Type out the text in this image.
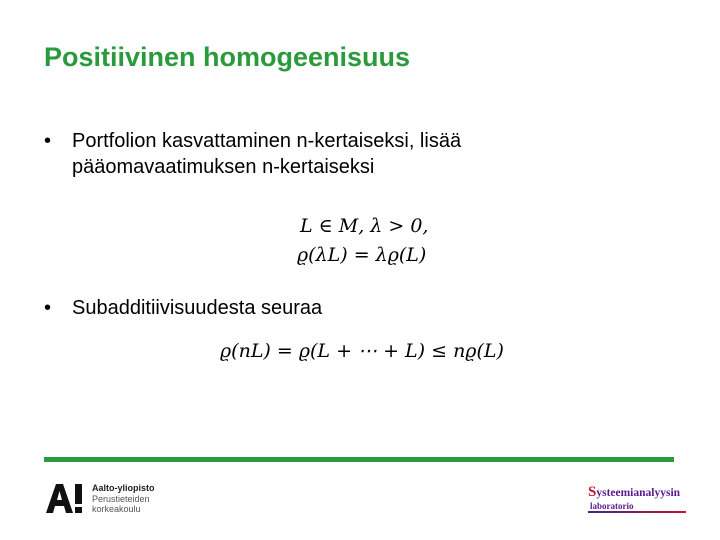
Positiivinen homogeenisuus
• Portfolion kasvattaminen n-kertaiseksi, lisää
pääomavaatimuksen n-kertaiseksi
L ∈ M, λ > 0,
ϱ(λL) = λϱ(L)
• Subadditiivisuudesta seuraa
ϱ(nL) = ϱ(L + ⋯ + L) ≤ nϱ(L)
Aalto-yliopisto
Perustieteiden
korkeakoulu
Systeemianalyysin
laboratorio
